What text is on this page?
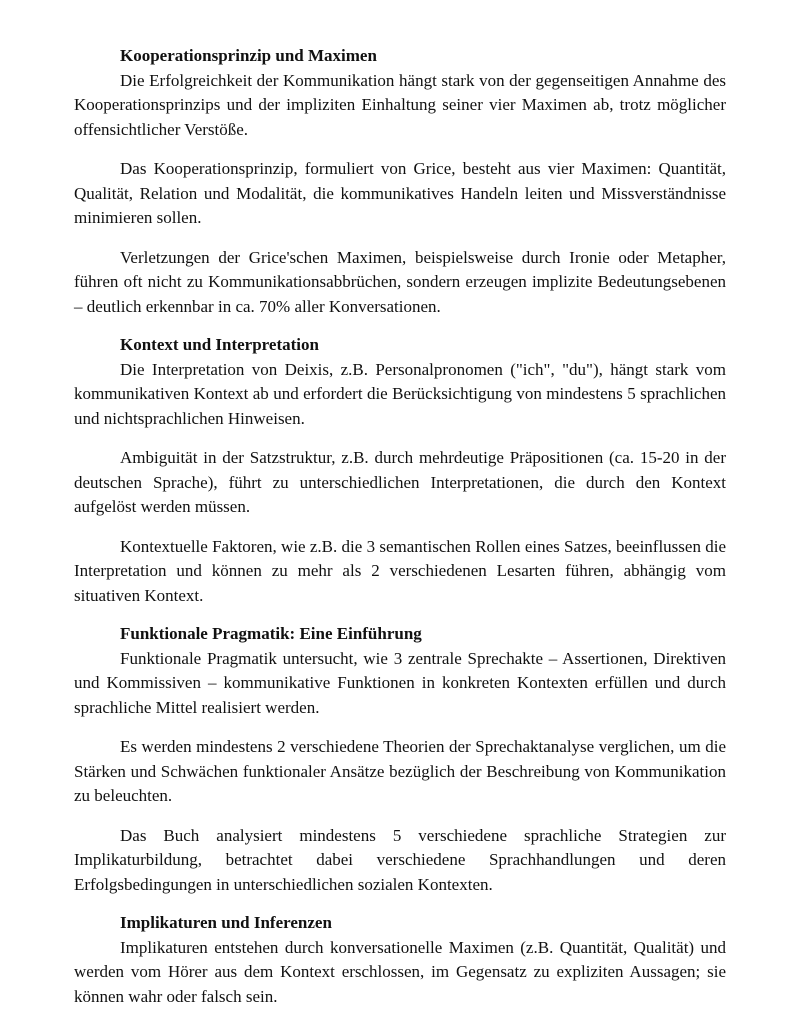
Kooperationsprinzip und Maximen

Die Erfolgreichkeit der Kommunikation hängt stark von der gegenseitigen Annahme des Kooperationsprinzips und der impliziten Einhaltung seiner vier Maximen ab, trotz möglicher offensichtlicher Verstöße.

Das Kooperationsprinzip, formuliert von Grice, besteht aus vier Maximen: Quantität, Qualität, Relation und Modalität, die kommunikatives Handeln leiten und Missverständnisse minimieren sollen.

Verletzungen der Grice'schen Maximen, beispielsweise durch Ironie oder Metapher, führen oft nicht zu Kommunikationsabbrüchen, sondern erzeugen implizite Bedeutungsebenen – deutlich erkennbar in ca. 70% aller Konversationen.

Kontext und Interpretation

Die Interpretation von Deixis, z.B. Personalpronomen ("ich", "du"), hängt stark vom kommunikativen Kontext ab und erfordert die Berücksichtigung von mindestens 5 sprachlichen und nichtsprachlichen Hinweisen.

Ambiguität in der Satzstruktur, z.B. durch mehrdeutige Präpositionen (ca. 15-20 in der deutschen Sprache), führt zu unterschiedlichen Interpretationen, die durch den Kontext aufgelöst werden müssen.

Kontextuelle Faktoren, wie z.B. die 3 semantischen Rollen eines Satzes, beeinflussen die Interpretation und können zu mehr als 2 verschiedenen Lesarten führen, abhängig vom situativen Kontext.

Funktionale Pragmatik: Eine Einführung

Funktionale Pragmatik untersucht, wie 3 zentrale Sprechakte – Assertionen, Direktiven und Kommissiven – kommunikative Funktionen in konkreten Kontexten erfüllen und durch sprachliche Mittel realisiert werden.

Es werden mindestens 2 verschiedene Theorien der Sprechaktanalyse verglichen, um die Stärken und Schwächen funktionaler Ansätze bezüglich der Beschreibung von Kommunikation zu beleuchten.

Das Buch analysiert mindestens 5 verschiedene sprachliche Strategien zur Implikaturbildung, betrachtet dabei verschiedene Sprachhandlungen und deren Erfolgsbedingungen in unterschiedlichen sozialen Kontexten.

Implikaturen und Inferenzen

Implikaturen entstehen durch konversationelle Maximen (z.B. Quantität, Qualität) und werden vom Hörer aus dem Kontext erschlossen, im Gegensatz zu expliziten Aussagen; sie können wahr oder falsch sein.
